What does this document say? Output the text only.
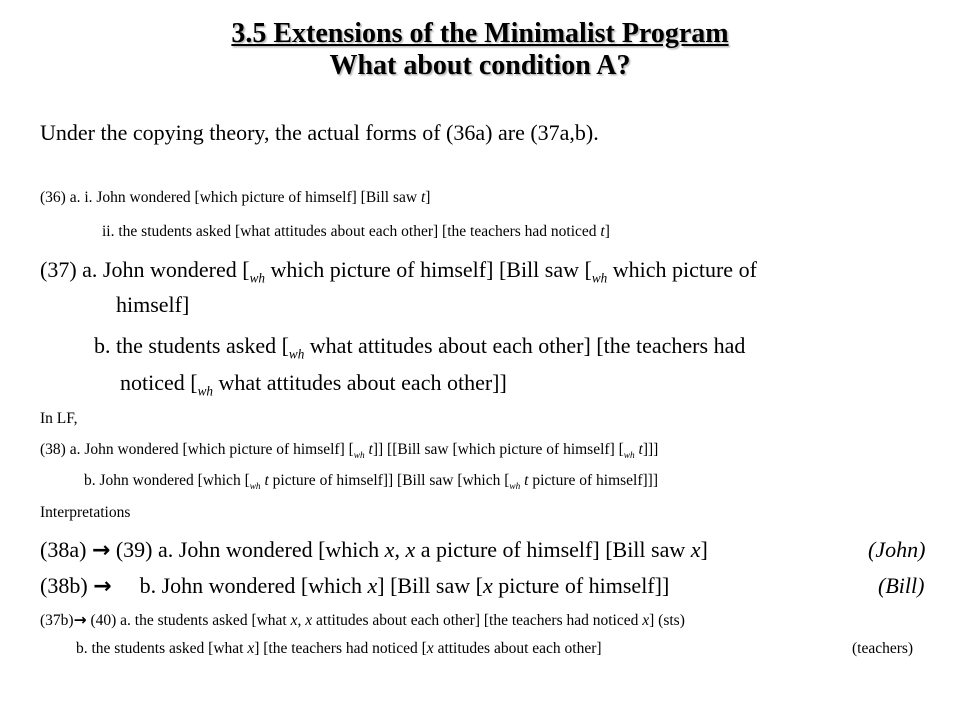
3.5 Extensions of the Minimalist Program
What about condition A?
Under the copying theory, the actual forms of (36a) are (37a,b).
(36) a. i. John wondered [which picture of himself] [Bill saw t]
ii. the students asked [what attitudes about each other] [the teachers had noticed t]
(37) a. John wondered [$_{wh}$ which picture of himself] [Bill saw [$_{wh}$ which picture of
himself]
b. the students asked [$_{wh}$ what attitudes about each other] [the teachers had
noticed [$_{wh}$ what attitudes about each other]]
In LF,
(38) a. John wondered [which picture of himself] [$_{wh}$ t]] [[Bill saw [which picture of himself] [$_{wh}$ t]]]
b. John wondered [which [$_{wh}$ t picture of himself]] [Bill saw [which [$_{wh}$ t picture of himself]]]
Interpretations
(38a) → (39) a. John wondered [which x, x a picture of himself] [Bill saw x]	(John)
(38b) → b. John wondered [which x] [Bill saw [x picture of himself]]	(Bill)
(37b)→ (40) a. the students asked [what x, x attitudes about each other] [the teachers had noticed x] (sts)
b. the students asked [what x] [the teachers had noticed [x attitudes about each other]	(teachers)
